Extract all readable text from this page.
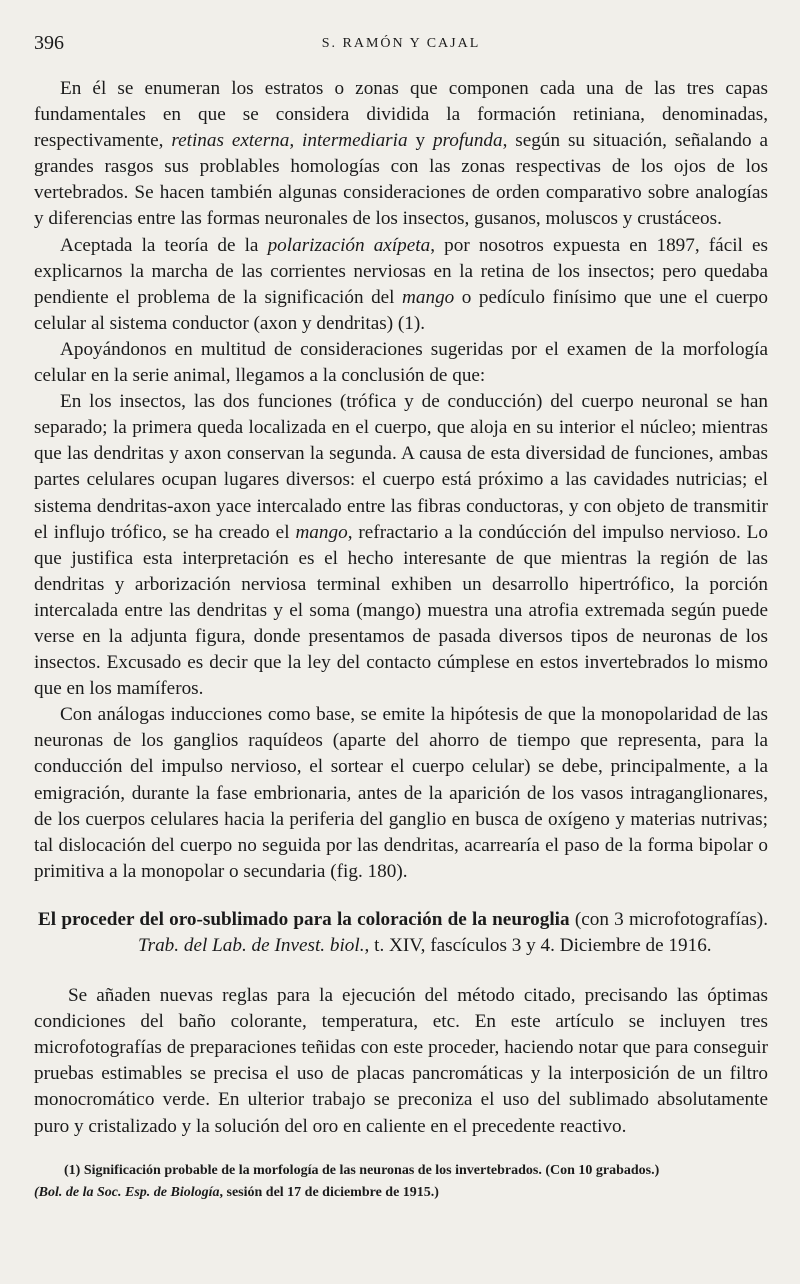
396	S. RAMÓN Y CAJAL

En él se enumeran los estratos o zonas que componen cada una de las tres capas fundamentales en que se considera dividida la formación retiniana, denominadas, respectivamente, retinas externa, intermediaria y profunda, según su situación, señalando a grandes rasgos sus problables homologías con las zonas respectivas de los ojos de los vertebrados. Se hacen también algunas consideraciones de orden comparativo sobre analogías y diferencias entre las formas neuronales de los insectos, gusanos, moluscos y crustáceos.

Aceptada la teoría de la polarización axípeta, por nosotros expuesta en 1897, fácil es explicarnos la marcha de las corrientes nerviosas en la retina de los insectos; pero quedaba pendiente el problema de la significación del mango o pedículo finísimo que une el cuerpo celular al sistema conductor (axon y dendritas) (1).

Apoyándonos en multitud de consideraciones sugeridas por el examen de la morfología celular en la serie animal, llegamos a la conclusión de que:

En los insectos, las dos funciones (trófica y de conducción) del cuerpo neuronal se han separado; la primera queda localizada en el cuerpo, que aloja en su interior el núcleo; mientras que las dendritas y axon conservan la segunda. A causa de esta diversidad de funciones, ambas partes celulares ocupan lugares diversos: el cuerpo está próximo a las cavidades nutricias; el sistema dendritas-axon yace intercalado entre las fibras conductoras, y con objeto de transmitir el influjo trófico, se ha creado el mango, refractario a la condúcción del impulso nervioso. Lo que justifica esta interpretación es el hecho interesante de que mientras la región de las dendritas y arborización nerviosa terminal exhiben un desarrollo hipertrófico, la porción intercalada entre las dendritas y el soma (mango) muestra una atrofia extremada según puede verse en la adjunta figura, donde presentamos de pasada diversos tipos de neuronas de los insectos. Excusado es decir que la ley del contacto cúmplese en estos invertebrados lo mismo que en los mamíferos.

Con análogas inducciones como base, se emite la hipótesis de que la monopolaridad de las neuronas de los ganglios raquídeos (aparte del ahorro de tiempo que representa, para la conducción del impulso nervioso, el sortear el cuerpo celular) se debe, principalmente, a la emigración, durante la fase embrionaria, antes de la aparición de los vasos intraganglionares, de los cuerpos celulares hacia la periferia del ganglio en busca de oxígeno y materias nutrivas; tal dislocación del cuerpo no seguida por las dendritas, acarrearía el paso de la forma bipolar o primitiva a la monopolar o secundaria (fig. 180).

El proceder del oro-sublimado para la coloración de la neuroglia (con 3 microfotografías). Trab. del Lab. de Invest. biol., t. XIV, fascículos 3 y 4. Diciembre de 1916.

Se añaden nuevas reglas para la ejecución del método citado, precisando las óptimas condiciones del baño colorante, temperatura, etc. En este artículo se incluyen tres microfotografías de preparaciones teñidas con este proceder, haciendo notar que para conseguir pruebas estimables se precisa el uso de placas pancromáticas y la interposición de un filtro monocromático verde. En ulterior trabajo se preconiza el uso del sublimado absolutamente puro y cristalizado y la solución del oro en caliente en el precedente reactivo.

(1) Significación probable de la morfología de las neuronas de los invertebrados. (Con 10 grabados.)
(Bol. de la Soc. Esp. de Biología, sesión del 17 de diciembre de 1915.)
